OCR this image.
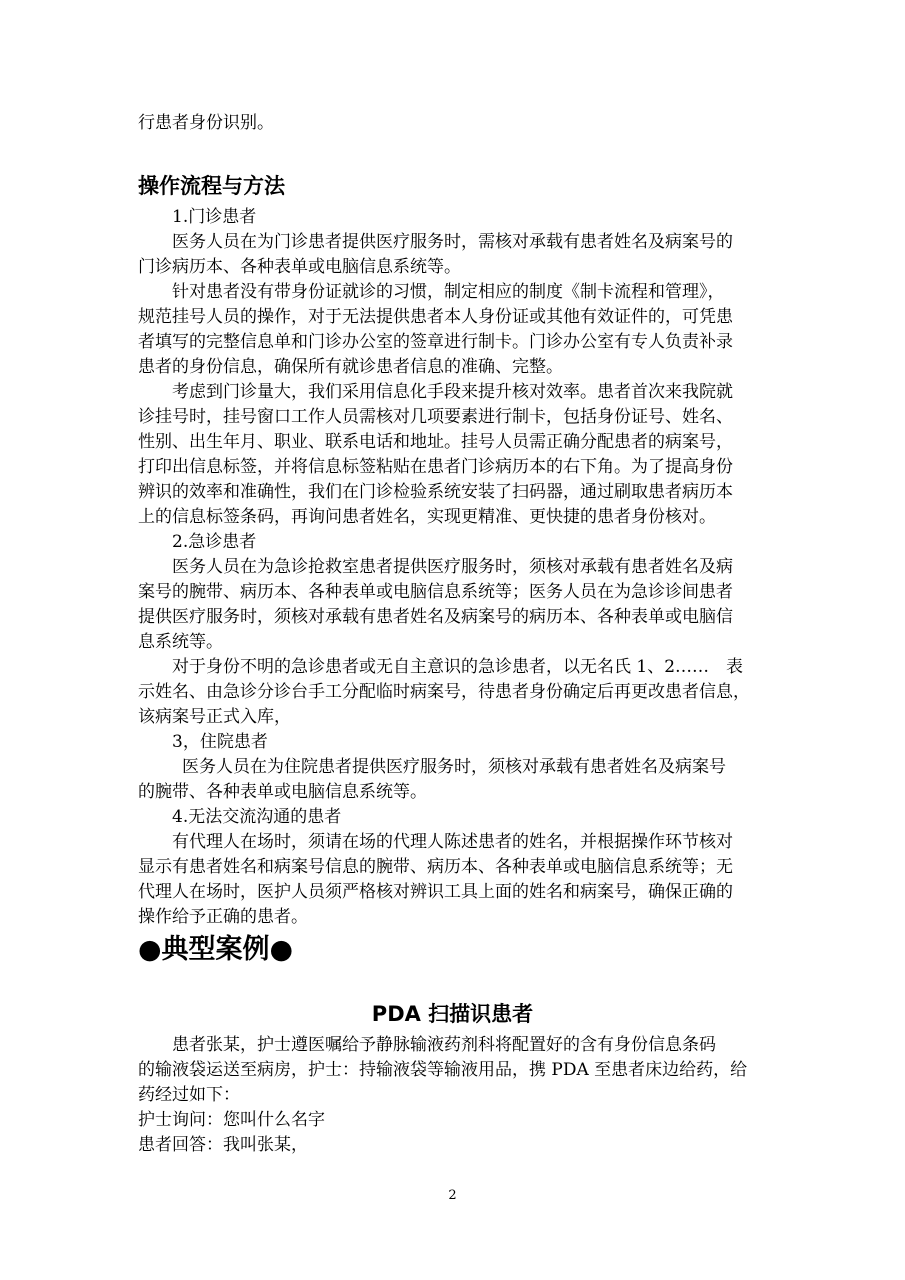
行患者身份识别。
操作流程与方法
1.门诊患者
医务人员在为门诊患者提供医疗服务时，需核对承载有患者姓名及病案号的
门诊病历本、各种表单或电脑信息系统等。
针对患者没有带身份证就诊的习惯，制定相应的制度《制卡流程和管理》，
规范挂号人员的操作，对于无法提供患者本人身份证或其他有效证件的，可凭患
者填写的完整信息单和门诊办公室的签章进行制卡。门诊办公室有专人负责补录
患者的身份信息，确保所有就诊患者信息的准确、完整。
考虑到门诊量大，我们采用信息化手段来提升核对效率。患者首次来我院就
诊挂号时，挂号窗口工作人员需核对几项要素进行制卡，包括身份证号、姓名、
性别、出生年月、职业、联系电话和地址。挂号人员需正确分配患者的病案号，
打印出信息标签，并将信息标签粘贴在患者门诊病历本的右下角。为了提高身份
辨识的效率和准确性，我们在门诊检验系统安装了扫码器，通过刷取患者病历本
上的信息标签条码，再询问患者姓名，实现更精准、更快捷的患者身份核对。
2.急诊患者
医务人员在为急诊抢救室患者提供医疗服务时，须核对承载有患者姓名及病
案号的腕带、病历本、各种表单或电脑信息系统等；医务人员在为急诊诊间患者
提供医疗服务时，须核对承载有患者姓名及病案号的病历本、各种表单或电脑信
息系统等。
对于身份不明的急诊患者或无自主意识的急诊患者，以无名氏 1、2……　表
示姓名、由急诊分诊台手工分配临时病案号，待患者身份确定后再更改患者信息，
该病案号正式入库，
3，住院患者
医务人员在为住院患者提供医疗服务时，须核对承载有患者姓名及病案号
的腕带、各种表单或电脑信息系统等。
4.无法交流沟通的患者
有代理人在场时，须请在场的代理人陈述患者的姓名，并根据操作环节核对
显示有患者姓名和病案号信息的腕带、病历本、各种表单或电脑信息系统等；无
代理人在场时，医护人员须严格核对辨识工具上面的姓名和病案号，确保正确的
操作给予正确的患者。
●典型案例●
PDA 扫描识患者
患者张某，护士遵医嘱给予静脉输液药剂科将配置好的含有身份信息条码
的输液袋运送至病房，护士：持输液袋等输液用品，携 PDA 至患者床边给药，给
药经过如下：
护士询问：您叫什么名字
患者回答：我叫张某，
2
